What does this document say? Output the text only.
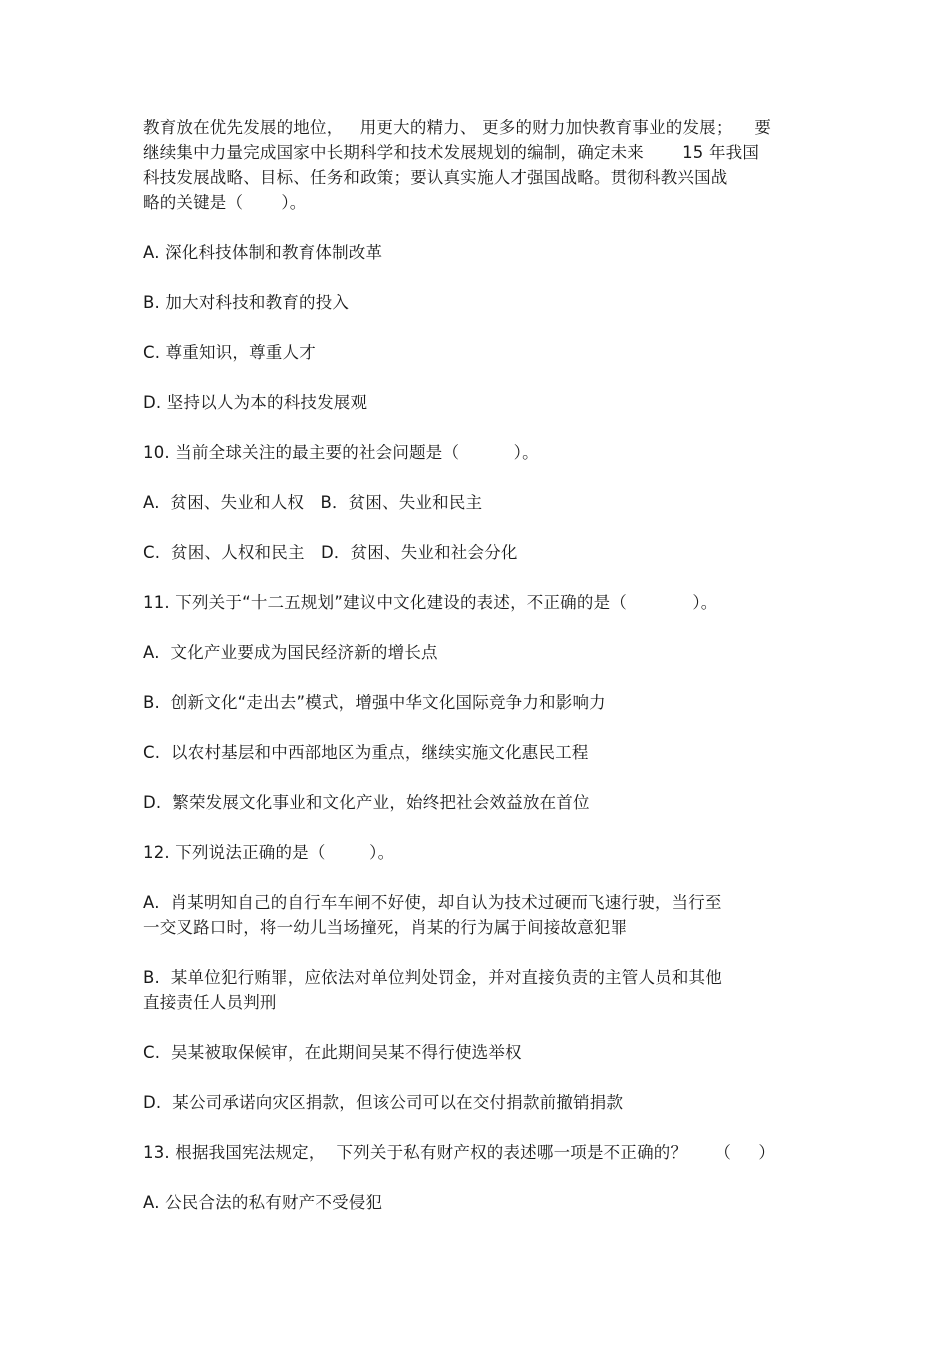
教育放在优先发展的地位，   用更大的精力、 更多的财力加快教育事业的发展；    要
继续集中力量完成国家中长期科学和技术发展规划的编制，确定未来       15 年我国
科技发展战略、目标、任务和政策；要认真实施人才强国战略。贯彻科教兴国战
略的关键是（       ）。
A. 深化科技体制和教育体制改革
B. 加大对科技和教育的投入
C. 尊重知识，尊重人才
D. 坚持以人为本的科技发展观
10. 当前全球关注的最主要的社会问题是（          ）。
A.  贫困、失业和人权   B．贫困、失业和民主
C.  贫困、人权和民主   D．贫困、失业和社会分化
11. 下列关于“十二五规划”建议中文化建设的表述，不正确的是（            ）。
A.  文化产业要成为国民经济新的增长点
B.  创新文化“走出去”模式，增强中华文化国际竞争力和影响力
C.  以农村基层和中西部地区为重点，继续实施文化惠民工程
D.  繁荣发展文化事业和文化产业，始终把社会效益放在首位
12. 下列说法正确的是（        ）。
A.  肖某明知自己的自行车车闸不好使，却自认为技术过硬而飞速行驶，当行至
一交叉路口时，将一幼儿当场撞死，肖某的行为属于间接故意犯罪
B.  某单位犯行贿罪，应依法对单位判处罚金，并对直接负责的主管人员和其他
直接责任人员判刑
C.  吴某被取保候审，在此期间吴某不得行使选举权
D.  某公司承诺向灾区捐款，但该公司可以在交付捐款前撤销捐款
13. 根据我国宪法规定，  下列关于私有财产权的表述哪一项是不正确的？     （     ）
A. 公民合法的私有财产不受侵犯
